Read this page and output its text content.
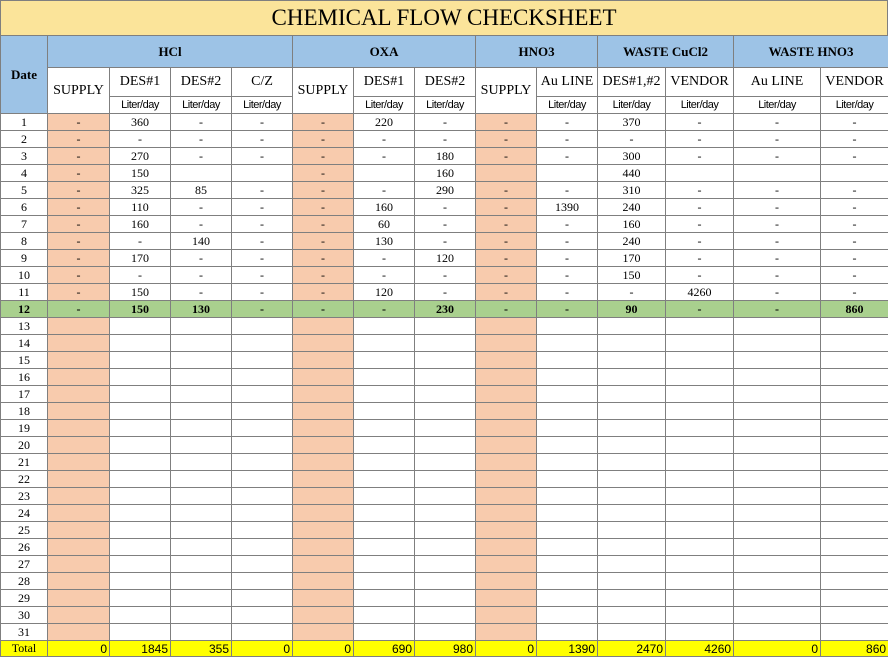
CHEMICAL FLOW CHECKSHEET
Date	HCl				OXA			HNO3		WASTE CuCl2		WASTE HNO3	
	SUPPLY	DES#1	DES#2	C/Z	SUPPLY	DES#1	DES#2	SUPPLY	Au LINE	DES#1,#2	VENDOR	Au LINE	VENDOR
		Liter/day	Liter/day	Liter/day		Liter/day	Liter/day		Liter/day	Liter/day	Liter/day	Liter/day	Liter/day
1	-	360	-	-	-	220	-	-	-	370	-	-	-
2	-	-	-	-	-	-	-	-	-	-	-	-	-
3	-	270	-	-	-	-	180	-	-	300	-	-	-
4	-	150			-		160			440			
5	-	325	85	-	-	-	290	-	-	310	-	-	-
6	-	110	-	-	-	160	-	-	1390	240	-	-	-
7	-	160	-	-	-	60	-	-	-	160	-	-	-
8	-	-	140	-	-	130	-	-	-	240	-	-	-
9	-	170	-	-	-	-	120	-	-	170	-	-	-
10	-	-	-	-	-	-	-	-	-	150	-	-	-
11	-	150	-	-	-	120	-	-	-	-	4260	-	-
12	-	150	130	-	-	-	230	-	-	90	-	-	860
13													
14													
15													
16													
17													
18													
19													
20													
21													
22													
23													
24													
25													
26													
27													
28													
29													
30													
31													
Total	0	1845	355	0	0	690	980	0	1390	2470	4260	0	860
